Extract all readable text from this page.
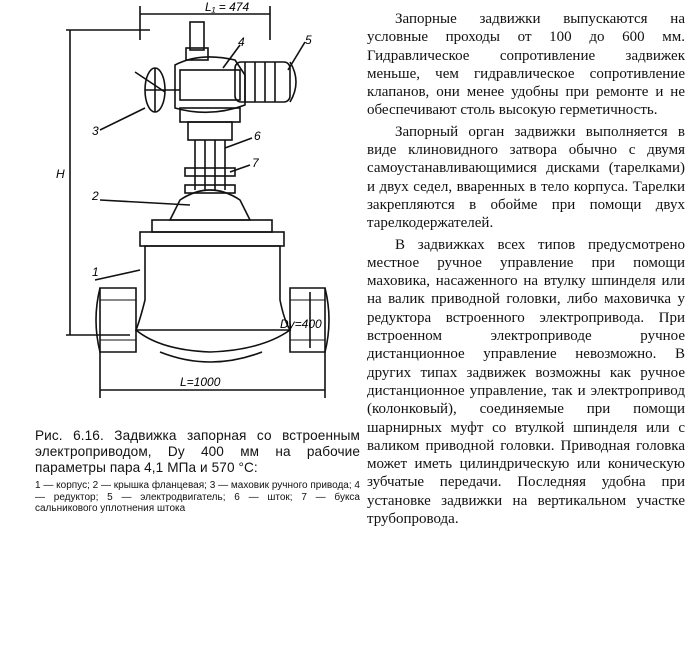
L₁ = 474
H
L=1000
Dу=400
1
2
3
4	5
6
7
Рис. 6.16. Задвижка запорная со встроенным электроприводом, Dу 400 мм на рабочие параметры пара 4,1 МПа и 570 °С:
1 — корпус; 2 — крышка фланцевая; 3 — маховик ручного привода; 4 — редуктор; 5 — электродвигатель; 6 — шток; 7 — букса сальникового уплотнения штока

Запорные задвижки выпускаются на условные проходы от 100 до 600 мм. Гидравлическое сопротивление задвижек меньше, чем гидравлическое сопротивление клапанов, они менее удобны при ремонте и не обеспечивают столь высокую герметичность.

Запорный орган задвижки выполняется в виде клиновидного затвора обычно с двумя самоустанавливающимися дисками (тарелками) и двух седел, вваренных в тело корпуса. Тарелки закрепляются в обойме при помощи двух тарелкодержателей.

В задвижках всех типов предусмотрено местное ручное управление при помощи маховика, насаженного на втулку шпинделя или на валик приводной головки, либо маховичка у редуктора встроенного электропривода. При встроенном электроприводе ручное дистанционное управление невозможно. В других типах задвижек возможны как ручное дистанционное управление, так и электропривод (колонковый), соединяемые при помощи шарнирных муфт со втулкой шпинделя или с валиком приводной головки. Приводная головка может иметь цилиндрическую или коническую зубчатые передачи. Последняя удобна при установке задвижки на вертикальном участке трубопровода.
